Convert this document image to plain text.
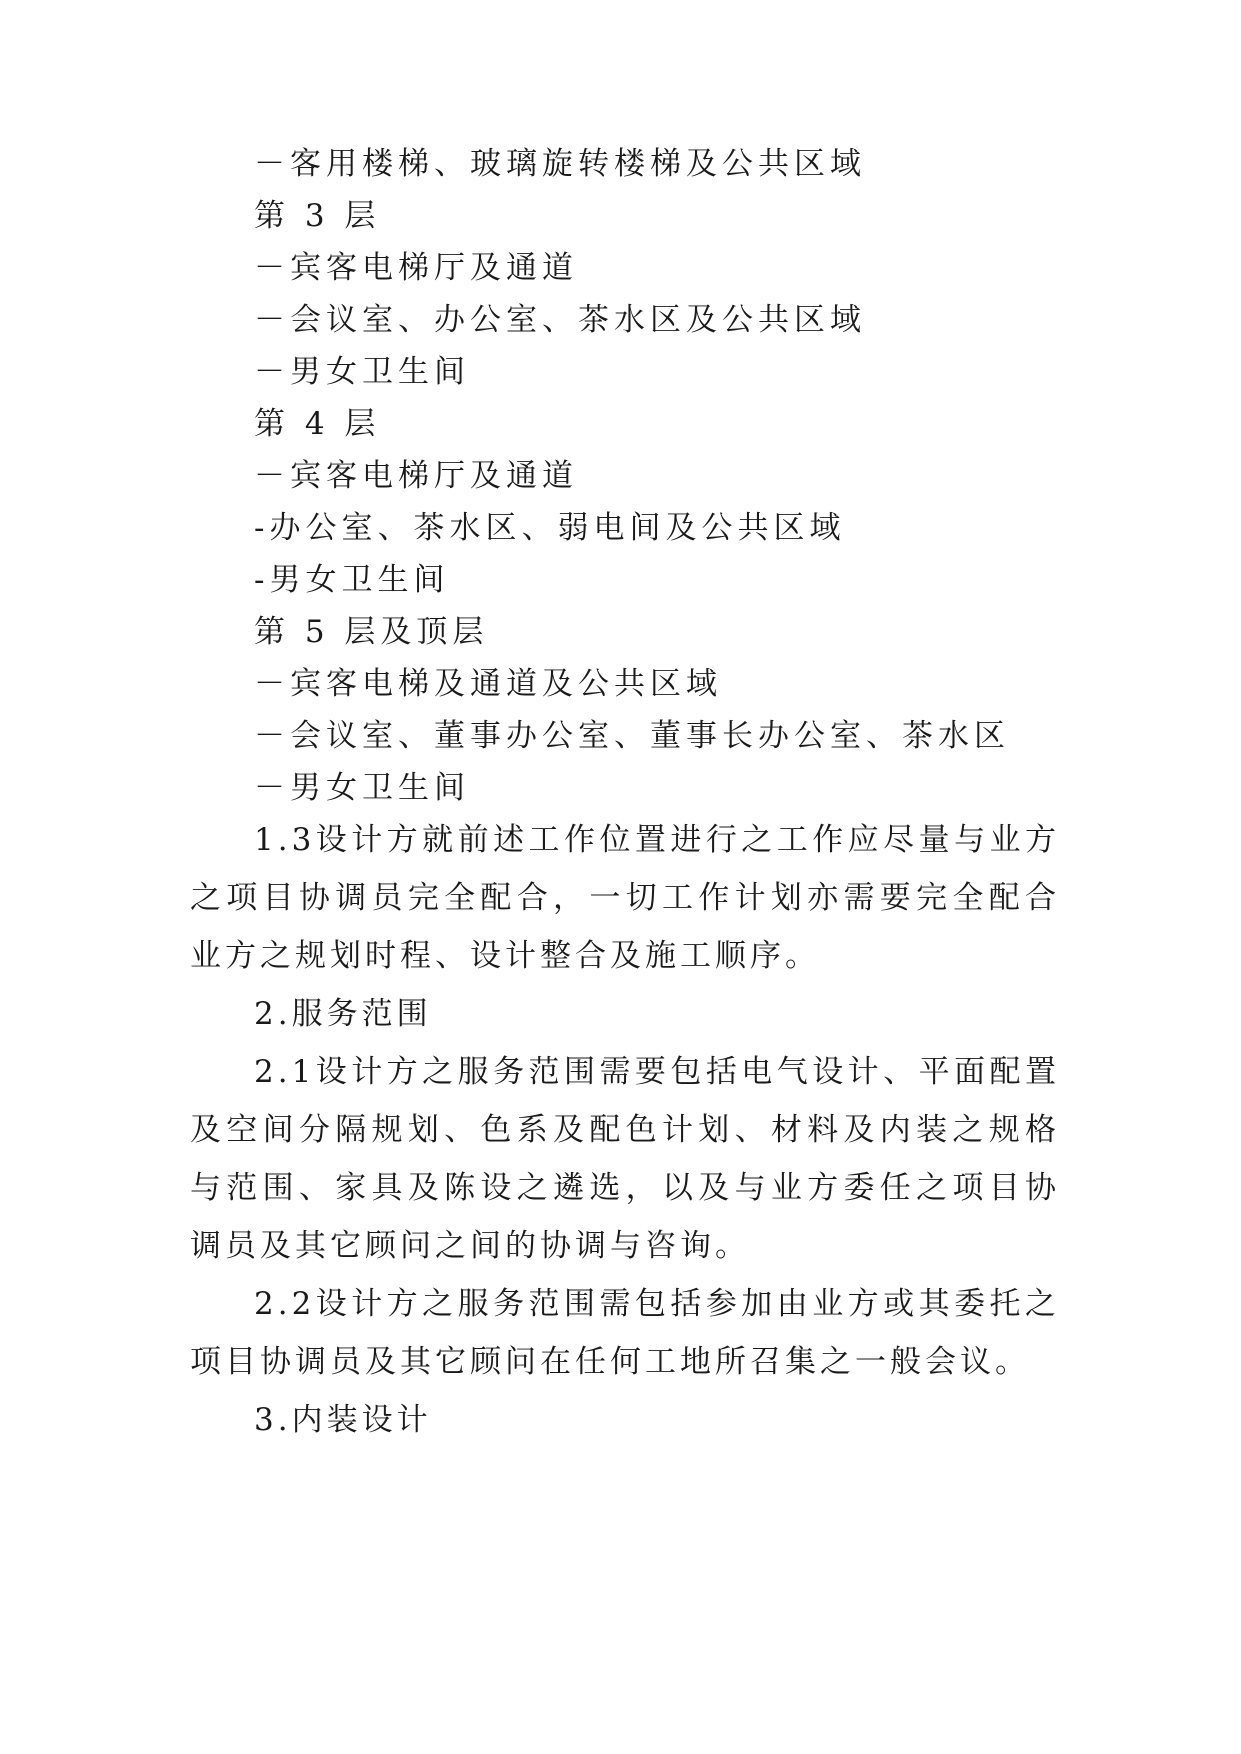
－客用楼梯、玻璃旋转楼梯及公共区域
第 3 层
－宾客电梯厅及通道
－会议室、办公室、茶水区及公共区域
－男女卫生间
第 4 层
－宾客电梯厅及通道
-办公室、茶水区、弱电间及公共区域
-男女卫生间
第 5 层及顶层
－宾客电梯及通道及公共区域
－会议室、董事办公室、董事长办公室、茶水区
－男女卫生间
1.3设计方就前述工作位置进行之工作应尽量与业方之项目协调员完全配合，一切工作计划亦需要完全配合业方之规划时程、设计整合及施工顺序。
2.服务范围
2.1设计方之服务范围需要包括电气设计、平面配置及空间分隔规划、色系及配色计划、材料及内装之规格与范围、家具及陈设之遴选，以及与业方委任之项目协调员及其它顾问之间的协调与咨询。
2.2设计方之服务范围需包括参加由业方或其委托之项目协调员及其它顾问在任何工地所召集之一般会议。
3.内装设计
